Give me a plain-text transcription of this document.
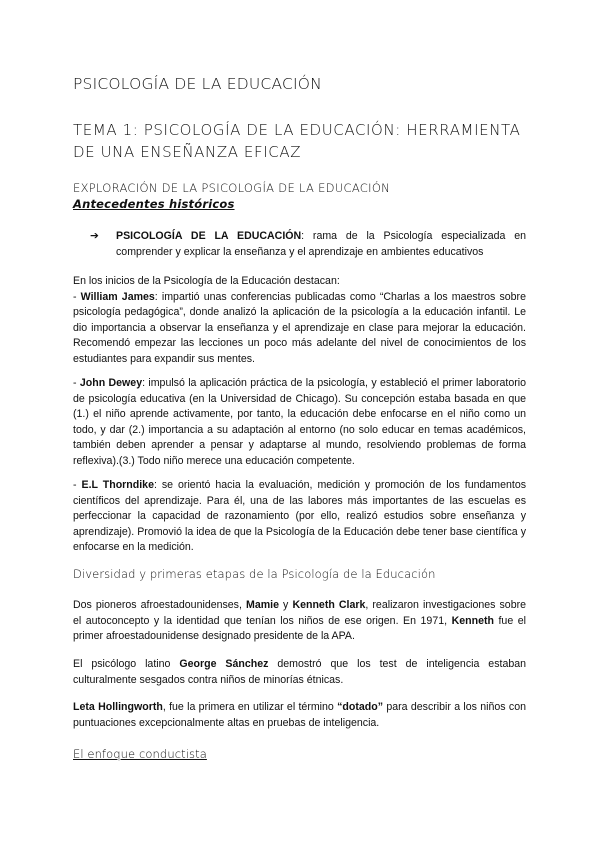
PSICOLOGÍA DE LA EDUCACIÓN
TEMA 1: PSICOLOGÍA DE LA EDUCACIÓN: HERRAMIENTA DE UNA ENSEÑANZA EFICAZ
EXPLORACIÓN DE LA PSICOLOGÍA DE LA EDUCACIÓN
Antecedentes históricos
➔ PSICOLOGÍA DE LA EDUCACIÓN: rama de la Psicología especializada en comprender y explicar la enseñanza y el aprendizaje en ambientes educativos

En los inicios de la Psicología de la Educación destacan:
- William James: impartió unas conferencias publicadas como “Charlas a los maestros sobre psicología pedagógica”, donde analizó la aplicación de la psicología a la educación infantil. Le dio importancia a observar la enseñanza y el aprendizaje en clase para mejorar la educación. Recomendó empezar las lecciones un poco más adelante del nivel de conocimientos de los estudiantes para expandir sus mentes.

- John Dewey: impulsó la aplicación práctica de la psicología, y estableció el primer laboratorio de psicología educativa (en la Universidad de Chicago). Su concepción estaba basada en que (1.) el niño aprende activamente, por tanto, la educación debe enfocarse en el niño como un todo, y dar (2.) importancia a su adaptación al entorno (no solo educar en temas académicos, también deben aprender a pensar y adaptarse al mundo, resolviendo problemas de forma reflexiva).(3.) Todo niño merece una educación competente.

- E.L Thorndike: se orientó hacia la evaluación, medición y promoción de los fundamentos científicos del aprendizaje. Para él, una de las labores más importantes de las escuelas es perfeccionar la capacidad de razonamiento (por ello, realizó estudios sobre enseñanza y aprendizaje). Promovió la idea de que la Psicología de la Educación debe tener base científica y enfocarse en la medición.

Diversidad y primeras etapas de la Psicología de la Educación

Dos pioneros afroestadounidenses, Mamie y Kenneth Clark, realizaron investigaciones sobre el autoconcepto y la identidad que tenían los niños de ese origen. En 1971, Kenneth fue el primer afroestadounidense designado presidente de la APA.

El psicólogo latino George Sánchez demostró que los test de inteligencia estaban culturalmente sesgados contra niños de minorías étnicas.

Leta Hollingworth, fue la primera en utilizar el término “dotado” para describir a los niños con puntuaciones excepcionalmente altas en pruebas de inteligencia.

El enfoque conductista
